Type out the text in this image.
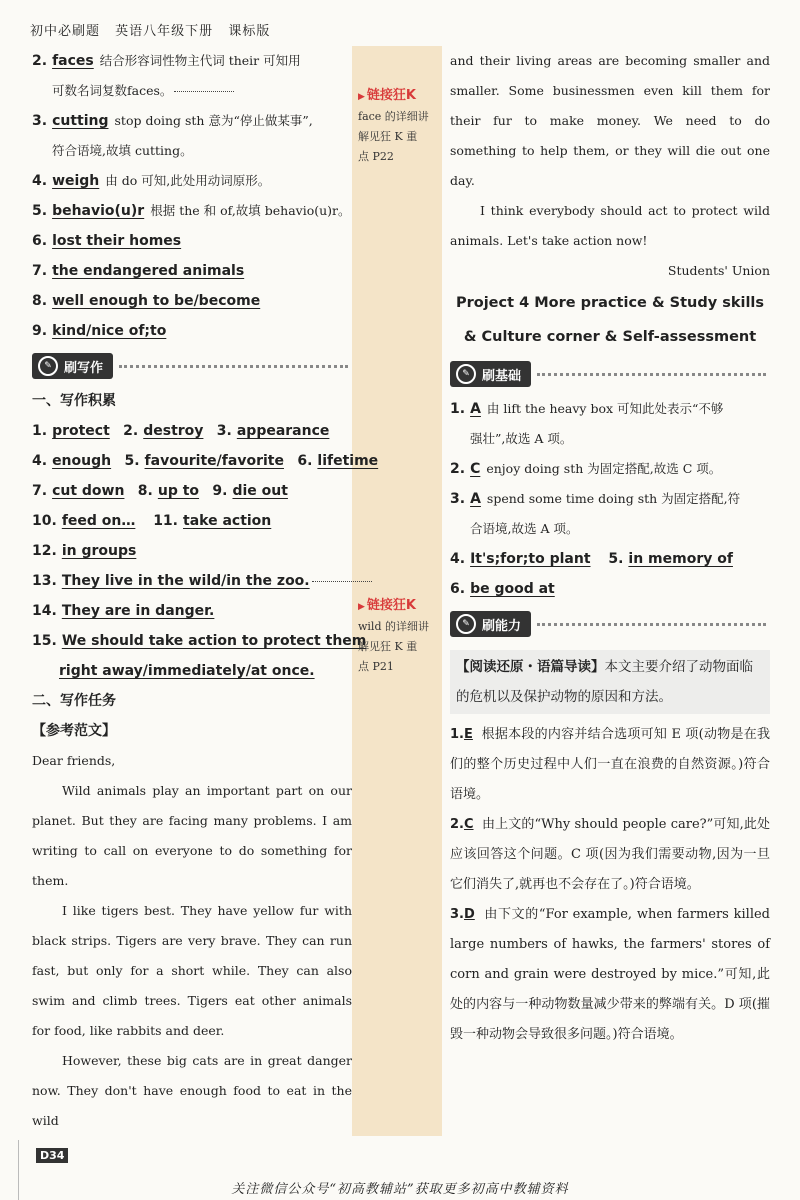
初中必刷题 英语八年级下册 课标版
2. faces 结合形容词性物主代词 their 可知用
可数名词复数faces。
3. cutting stop doing sth 意为“停止做某事”,
符合语境,故填 cutting。
4. weigh 由 do 可知,此处用动词原形。
5. behavio(u)r 根据 the 和 of,故填 behavio(u)r。
6. lost their homes
7. the endangered animals
8. well enough to be/become
9. kind/nice of;to
✎ 刷写作
一、写作积累
1. protect 2. destroy 3. appearance
4. enough 5. favourite/favorite 6. lifetime
7. cut down 8. up to 9. die out
10. feed on… 11. take action
12. in groups
13. They live in the wild/in the zoo.
14. They are in danger.
15. We should take action to protect them
right away/immediately/at once.
二、写作任务
【参考范文】
Dear friends,
Wild animals play an important part on our planet. But they are facing many problems. I am writing to call on everyone to do something for them.
I like tigers best. They have yellow fur with black strips. Tigers are very brave. They can run fast, but only for a short while. They can also swim and climb trees. Tigers eat other animals for food, like rabbits and deer.
However, these big cats are in great danger now. They don't have enough food to eat in the wild
▶ 链接狂K
face 的详细讲
解见狂 K 重
点 P22
▶ 链接狂K
wild 的详细讲
解见狂 K 重
点 P21
and their living areas are becoming smaller and smaller. Some businessmen even kill them for their fur to make money. We need to do something to help them, or they will die out one day.
I think everybody should act to protect wild animals. Let's take action now!
Students' Union
Project 4 More practice & Study skills
& Culture corner & Self-assessment
✎ 刷基础
1. A 由 lift the heavy box 可知此处表示“不够
强壮”,故选 A 项。
2. C enjoy doing sth 为固定搭配,故选 C 项。
3. A spend some time doing sth 为固定搭配,符
合语境,故选 A 项。
4. It's;for;to plant 5. in memory of
6. be good at
✎ 刷能力
【阅读还原・语篇导读】本文主要介绍了动物面临的危机以及保护动物的原因和方法。
1.E 根据本段的内容并结合选项可知 E 项(动物是在我们的整个历史过程中人们一直在浪费的自然资源。)符合语境。
2.C 由上文的“Why should people care?”可知,此处应该回答这个问题。C 项(因为我们需要动物,因为一旦它们消失了,就再也不会存在了。)符合语境。
3.D 由下文的“For example, when farmers killed large numbers of hawks, the farmers' stores of corn and grain were destroyed by mice.”可知,此处的内容与一种动物数量减少带来的弊端有关。D 项(摧毁一种动物会导致很多问题。)符合语境。
D34
关注微信公众号“初高教辅站”获取更多初高中教辅资料
